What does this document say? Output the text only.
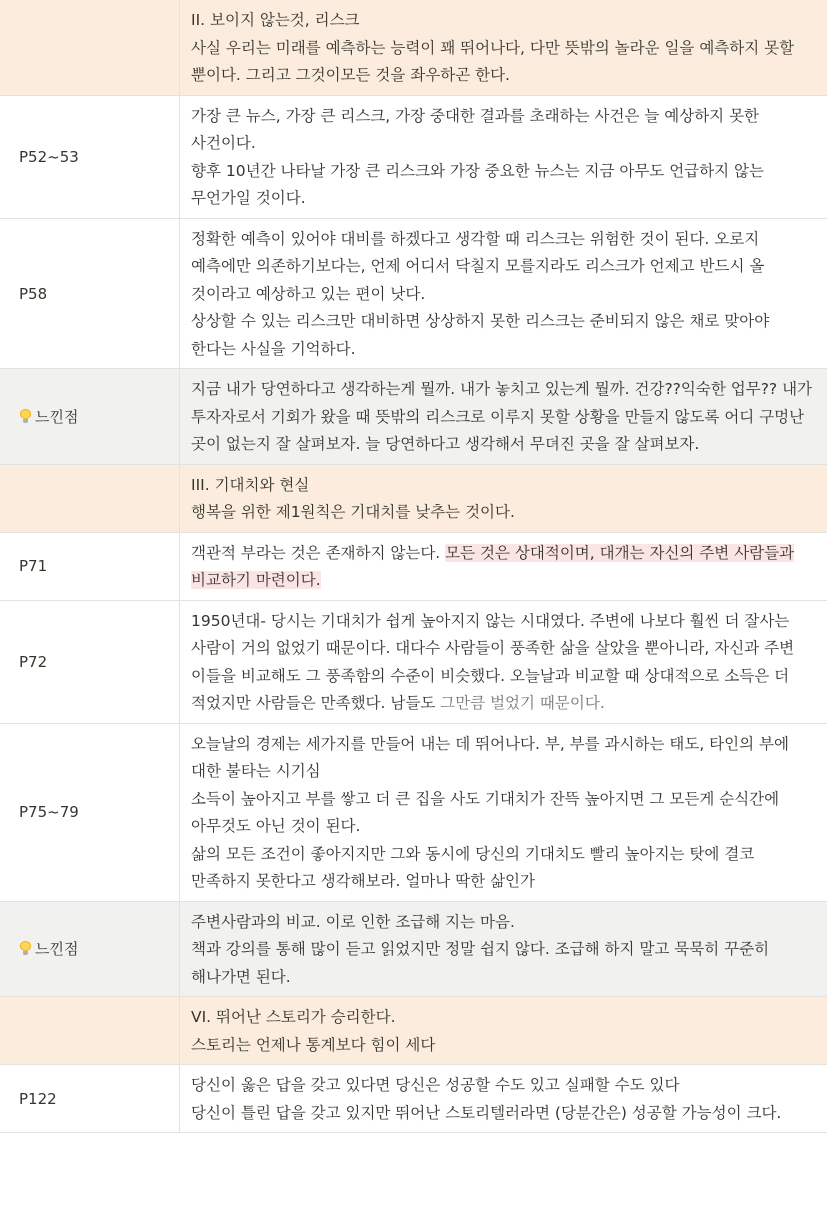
	II. 보이지 않는것, 리스크
사실 우리는 미래를 예측하는 능력이 꽤 뛰어나다, 다만 뜻밖의 놀라운 일을 예측하지 못할 뿐이다. 그리고 그것이모든 것을 좌우하곤 한다.

P52~53	가장 큰 뉴스, 가장 큰 리스크, 가장 중대한 결과를 초래하는 사건은 늘 예상하지 못한 사건이다.
향후 10년간 나타날 가장 큰 리스크와 가장 중요한 뉴스는 지금 아무도 언급하지 않는 무언가일 것이다.

P58	정확한 예측이 있어야 대비를 하겠다고 생각할 때 리스크는 위험한 것이 된다. 오로지 예측에만 의존하기보다는, 언제 어디서 닥칠지 모를지라도 리스크가 언제고 반드시 올 것이라고 예상하고 있는 편이 낫다.
상상할 수 있는 리스크만 대비하면 상상하지 못한 리스크는 준비되지 않은 채로 맞아야 한다는 사실을 기억하다.

느낀점	지금 내가 당연하다고 생각하는게 뭘까. 내가 놓치고 있는게 뭘까. 건강??익숙한 업무?? 내가 투자자로서 기회가 왔을 때 뜻밖의 리스크로 이루지 못할 상황을 만들지 않도록 어디 구멍난 곳이 없는지 잘 살펴보자. 늘 당연하다고 생각해서 무뎌진 곳을 잘 살펴보자.

	III. 기대치와 현실
행복을 위한 제1원칙은 기대치를 낮추는 것이다.

P71	객관적 부라는 것은 존재하지 않는다. 모든 것은 상대적이며, 대개는 자신의 주변 사람들과 비교하기 마련이다.
P72	1950년대- 당시는 기대치가 쉽게 높아지지 않는 시대였다. 주변에 나보다 훨씬 더 잘사는 사람이 거의 없었기 때문이다. 대다수 사람들이 풍족한 삶을 살았을 뿐아니라, 자신과 주변 이들을 비교해도 그 풍족함의 수준이 비슷했다. 오늘날과 비교할 때 상대적으로 소득은 더 적었지만 사람들은 만족했다. 남들도 그만큼 벌었기 때문이다.
P75~79	오늘날의 경제는 세가지를 만들어 내는 데 뛰어나다. 부, 부를 과시하는 태도, 타인의 부에 대한 불타는 시기심
소득이 높아지고 부를 쌓고 더 큰 집을 사도 기대치가 잔뜩 높아지면 그 모든게 순식간에 아무것도 아닌 것이 된다.
삶의 모든 조건이 좋아지지만 그와 동시에 당신의 기대치도 빨리 높아지는 탓에 결코 만족하지 못한다고 생각해보라. 얼마나 딱한 삶인가

느낀점	주변사람과의 비교. 이로 인한 조급해 지는 마음.
책과 강의를 통해 많이 듣고 읽었지만 정말 쉽지 않다. 조급해 하지 말고 묵묵히 꾸준히 해나가면 된다.

	VI. 뛰어난 스토리가 승리한다.
스토리는 언제나 통계보다 힘이 세다

P122	당신이 옳은 답을 갖고 있다면 당신은 성공할 수도 있고 실패할 수도 있다
당신이 틀린 답을 갖고 있지만 뛰어난 스토리텔러라면 (당분간은) 성공할 가능성이 크다.
